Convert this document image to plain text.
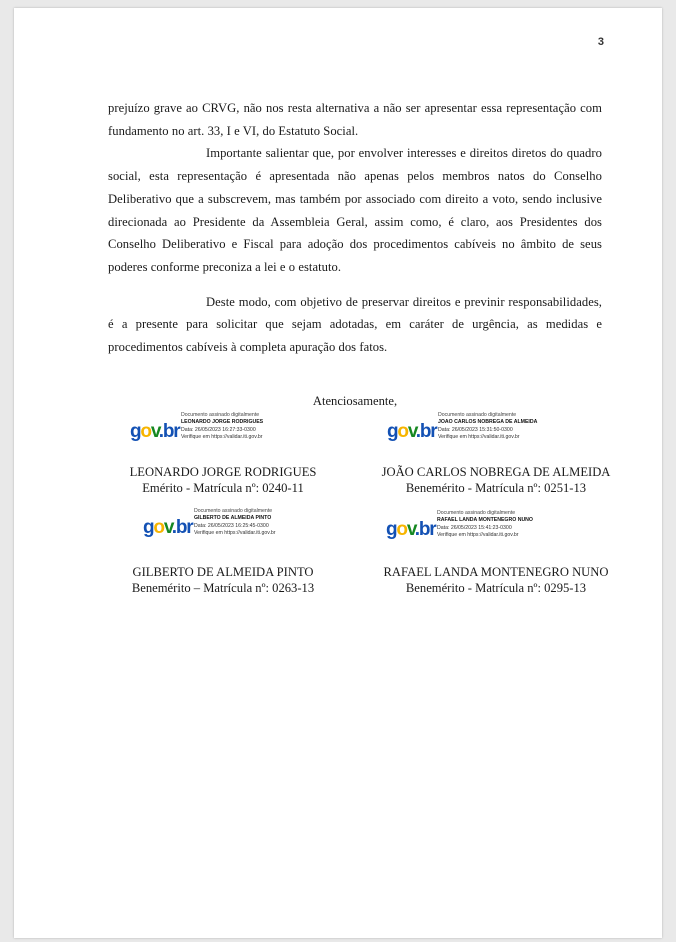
3

prejuízo grave ao CRVG, não nos resta alternativa a não ser apresentar essa representação com fundamento no art. 33, I e VI, do Estatuto Social.

Importante salientar que, por envolver interesses e direitos diretos do quadro social, esta representação é apresentada não apenas pelos membros natos do Conselho Deliberativo que a subscrevem, mas também por associado com direito a voto, sendo inclusive direcionada ao Presidente da Assembleia Geral, assim como, é claro, aos Presidentes dos Conselho Deliberativo e Fiscal para adoção dos procedimentos cabíveis no âmbito de seus poderes conforme preconiza a lei e o estatuto.

Deste modo, com objetivo de preservar direitos e previnir responsabilidades, é a presente para solicitar que sejam adotadas, em caráter de urgência, as medidas e procedimentos cabíveis à completa apuração dos fatos.

Atenciosamente,
gov.br
Documento assinado digitalmente
LEONARDO JORGE RODRIGUES
Data: 26/05/2023 16:27:33-0300
Verifique em https://validar.iti.gov.br	gov.br
Documento assinado digitalmente
JOAO CARLOS NOBREGA DE ALMEIDA
Data: 26/05/2023 15:31:50-0300
Verifique em https://validar.iti.gov.br
LEONARDO JORGE RODRIGUES
Emérito - Matrícula nº: 0240-11
JOÃO CARLOS NOBREGA DE ALMEIDA
Benemérito - Matrícula nº: 0251-13
gov.br
Documento assinado digitalmente
GILBERTO DE ALMEIDA PINTO
Data: 26/05/2023 16:25:45-0300
Verifique em https://validar.iti.gov.br	gov.br
Documento assinado digitalmente
RAFAEL LANDA MONTENEGRO NUNO
Data: 26/05/2023 15:41:23-0300
Verifique em https://validar.iti.gov.br
GILBERTO DE ALMEIDA PINTO
Benemérito – Matrícula nº: 0263-13
RAFAEL LANDA MONTENEGRO NUNO
Benemérito - Matrícula nº: 0295-13
